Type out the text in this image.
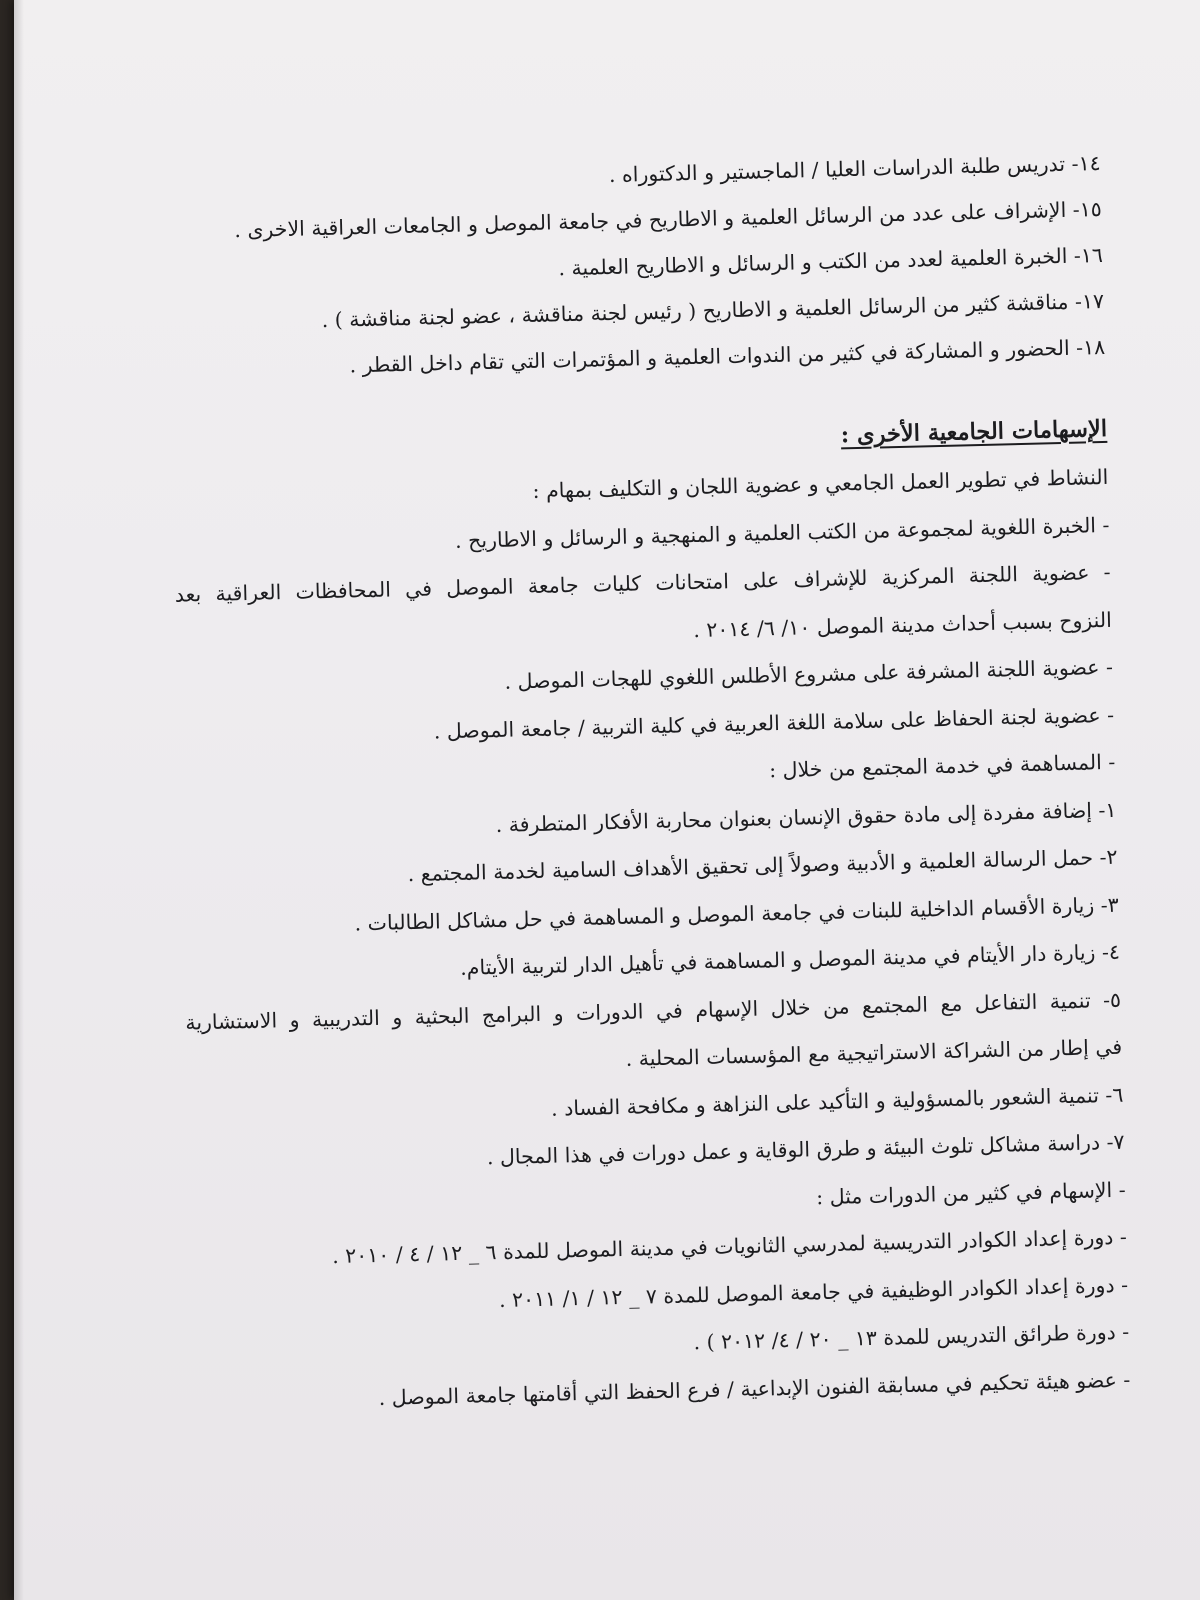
١٤- تدريس طلبة الدراسات العليا / الماجستير و الدكتوراه .

١٥- الإشراف على عدد من الرسائل العلمية و الاطاريح في جامعة الموصل و الجامعات العراقية الاخرى .

١٦- الخبرة العلمية لعدد من الكتب و الرسائل و الاطاريح العلمية .

١٧- مناقشة كثير من الرسائل العلمية و الاطاريح ( رئيس لجنة مناقشة ، عضو لجنة مناقشة ) .

١٨- الحضور و المشاركة في كثير من الندوات العلمية و المؤتمرات التي تقام داخل القطر .

الإسهامات الجامعية الأخرى :

النشاط في تطوير العمل الجامعي و عضوية اللجان و التكليف بمهام :

- الخبرة اللغوية لمجموعة من الكتب العلمية و المنهجية و الرسائل و الاطاريح .

- عضوية اللجنة المركزية للإشراف على امتحانات كليات جامعة الموصل في المحافظات العراقية بعد

النزوح بسبب أحداث مدينة الموصل ١٠/ ٦/ ٢٠١٤ .

- عضوية اللجنة المشرفة على مشروع الأطلس اللغوي للهجات الموصل .

- عضوية لجنة الحفاظ على سلامة اللغة العربية في كلية التربية / جامعة الموصل .

- المساهمة في خدمة المجتمع من خلال :

١- إضافة مفردة إلى مادة حقوق الإنسان بعنوان محاربة الأفكار المتطرفة .

٢- حمل الرسالة العلمية و الأدبية وصولاً إلى تحقيق الأهداف السامية لخدمة المجتمع .

٣- زيارة الأقسام الداخلية للبنات في جامعة الموصل و المساهمة في حل مشاكل الطالبات .

٤- زيارة دار الأيتام في مدينة الموصل و المساهمة في تأهيل الدار لتربية الأيتام.

٥- تنمية التفاعل مع المجتمع من خلال الإسهام في الدورات و البرامج البحثية و التدريبية و الاستشارية

في إطار من الشراكة الاستراتيجية مع المؤسسات المحلية .

٦- تنمية الشعور بالمسؤولية و التأكيد على النزاهة و مكافحة الفساد .

٧- دراسة مشاكل تلوث البيئة و طرق الوقاية و عمل دورات في هذا المجال .

- الإسهام في كثير من الدورات مثل :

- دورة إعداد الكوادر التدريسية لمدرسي الثانويات في مدينة الموصل للمدة ٦ _ ١٢ / ٤ / ٢٠١٠ .

- دورة إعداد الكوادر الوظيفية في جامعة الموصل للمدة ٧ _ ١٢ / ١/ ٢٠١١ .

- دورة طرائق التدريس للمدة ١٣ _ ٢٠ / ٤/ ٢٠١٢ ) .

- عضو هيئة تحكيم في مسابقة الفنون الإبداعية / فرع الحفظ التي أقامتها جامعة الموصل .
